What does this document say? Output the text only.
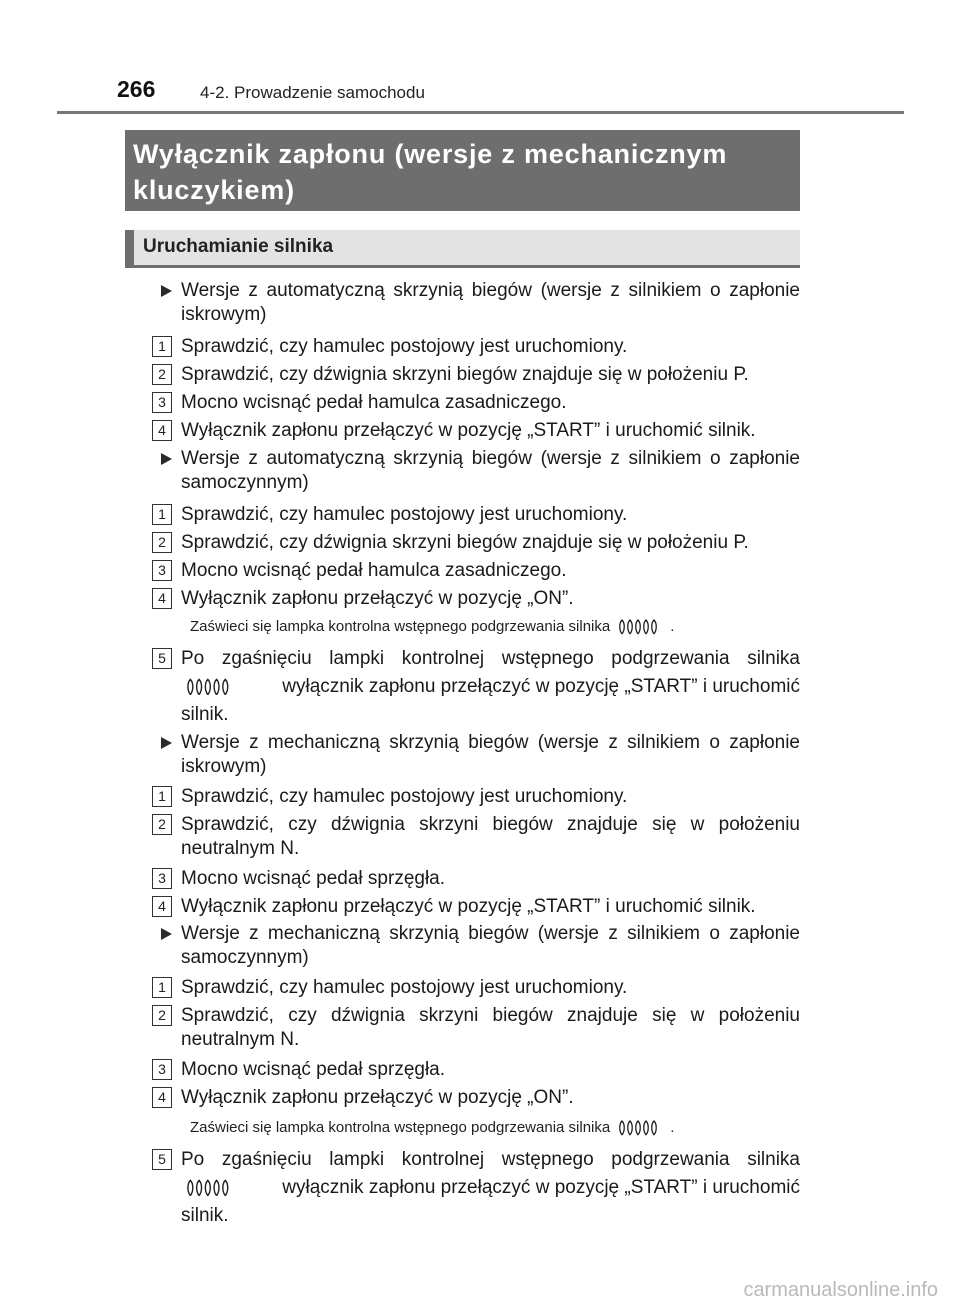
266	4-2. Prowadzenie samochodu
Wyłącznik zapłonu (wersje z mechanicznym kluczykiem)
Uruchamianie silnika
Wersje z automatyczną skrzynią biegów (wersje z silnikiem o zapłonie iskrowym)
1 Sprawdzić, czy hamulec postojowy jest uruchomiony.
2 Sprawdzić, czy dźwignia skrzyni biegów znajduje się w położeniu P.
3 Mocno wcisnąć pedał hamulca zasadniczego.
4 Wyłącznik zapłonu przełączyć w pozycję „START” i uruchomić silnik.
Wersje z automatyczną skrzynią biegów (wersje z silnikiem o zapłonie samoczynnym)
1 Sprawdzić, czy hamulec postojowy jest uruchomiony.
2 Sprawdzić, czy dźwignia skrzyni biegów znajduje się w położeniu P.
3 Mocno wcisnąć pedał hamulca zasadniczego.
4 Wyłącznik zapłonu przełączyć w pozycję „ON”.
Zaświeci się lampka kontrolna wstępnego podgrzewania silnika	.
5 Po zgaśnięciu lampki kontrolnej wstępnego podgrzewania silnika
wyłącznik zapłonu przełączyć w pozycję „START” i uruchomić
silnik.
Wersje z mechaniczną skrzynią biegów (wersje z silnikiem o zapłonie iskrowym)
1 Sprawdzić, czy hamulec postojowy jest uruchomiony.
2 Sprawdzić, czy dźwignia skrzyni biegów znajduje się w położeniu neutralnym N.
3 Mocno wcisnąć pedał sprzęgła.
4 Wyłącznik zapłonu przełączyć w pozycję „START” i uruchomić silnik.
Wersje z mechaniczną skrzynią biegów (wersje z silnikiem o zapłonie samoczynnym)
1 Sprawdzić, czy hamulec postojowy jest uruchomiony.
2 Sprawdzić, czy dźwignia skrzyni biegów znajduje się w położeniu neutralnym N.
3 Mocno wcisnąć pedał sprzęgła.
4 Wyłącznik zapłonu przełączyć w pozycję „ON”.
Zaświeci się lampka kontrolna wstępnego podgrzewania silnika	.
5 Po zgaśnięciu lampki kontrolnej wstępnego podgrzewania silnika
wyłącznik zapłonu przełączyć w pozycję „START” i uruchomić
silnik.
carmanualsonline.info
